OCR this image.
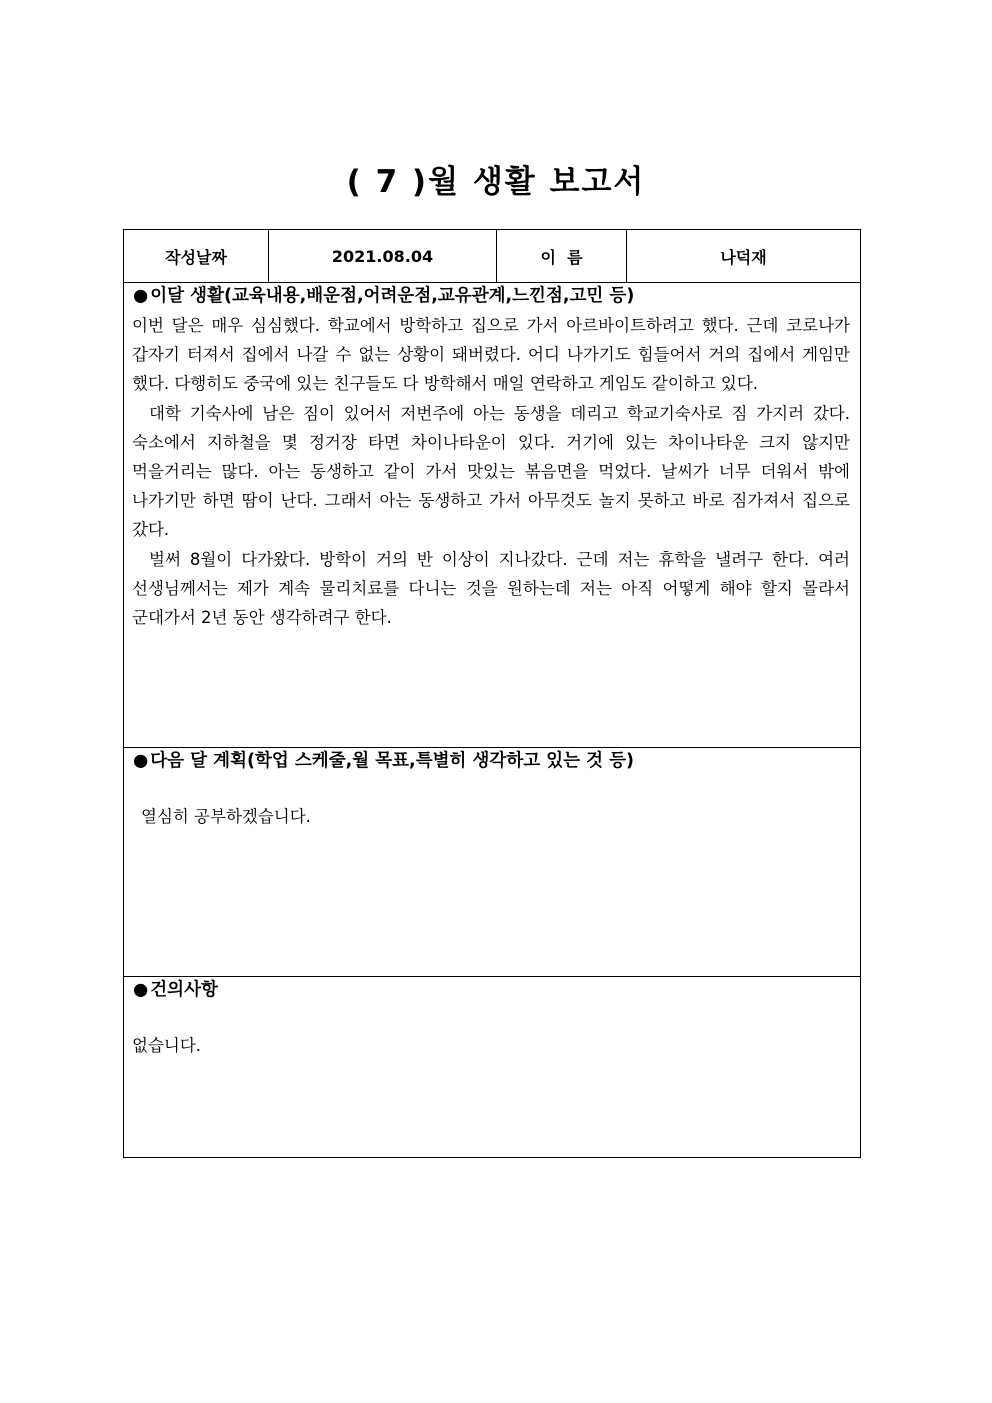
( 7 )월 생활 보고서
작성날짜	2021.08.04	이  름	나덕재
● 이달 생활(교육내용,배운점,어려운점,교유관계,느낀점,고민 등)

이번 달은 매우 심심했다. 학교에서 방학하고 집으로 가서 아르바이트하려고 했다. 근데 코로나가 갑자기 터져서 집에서 나갈 수 없는 상황이 돼버렸다. 어디 나가기도 힘들어서 거의 집에서 게임만 했다. 다행히도 중국에 있는 친구들도 다 방학해서 매일 연락하고 게임도 같이하고 있다.

대학 기숙사에 남은 짐이 있어서 저번주에 아는 동생을 데리고 학교기숙사로 짐 가지러 갔다. 숙소에서 지하철을 몇 정거장 타면 차이나타운이 있다. 거기에 있는 차이나타운 크지 않지만 먹을거리는 많다. 아는 동생하고 같이 가서 맛있는 볶음면을 먹었다. 날씨가 너무 더워서 밖에 나가기만 하면 땀이 난다. 그래서 아는 동생하고 가서 아무것도 놀지 못하고 바로 짐가져서 집으로 갔다.

벌써 8월이 다가왔다. 방학이 거의 반 이상이 지나갔다. 근데 저는 휴학을 낼려구 한다. 여러 선생님께서는 제가 계속 물리치료를 다니는 것을 원하는데 저는 아직 어떻게 해야 할지 몰라서 군대가서 2년 동안 생각하려구 한다.

● 다음 달 계획(학업 스케줄,월 목표,특별히 생각하고 있는 것 등)
열심히 공부하겠습니다.
● 건의사항
없습니다.
